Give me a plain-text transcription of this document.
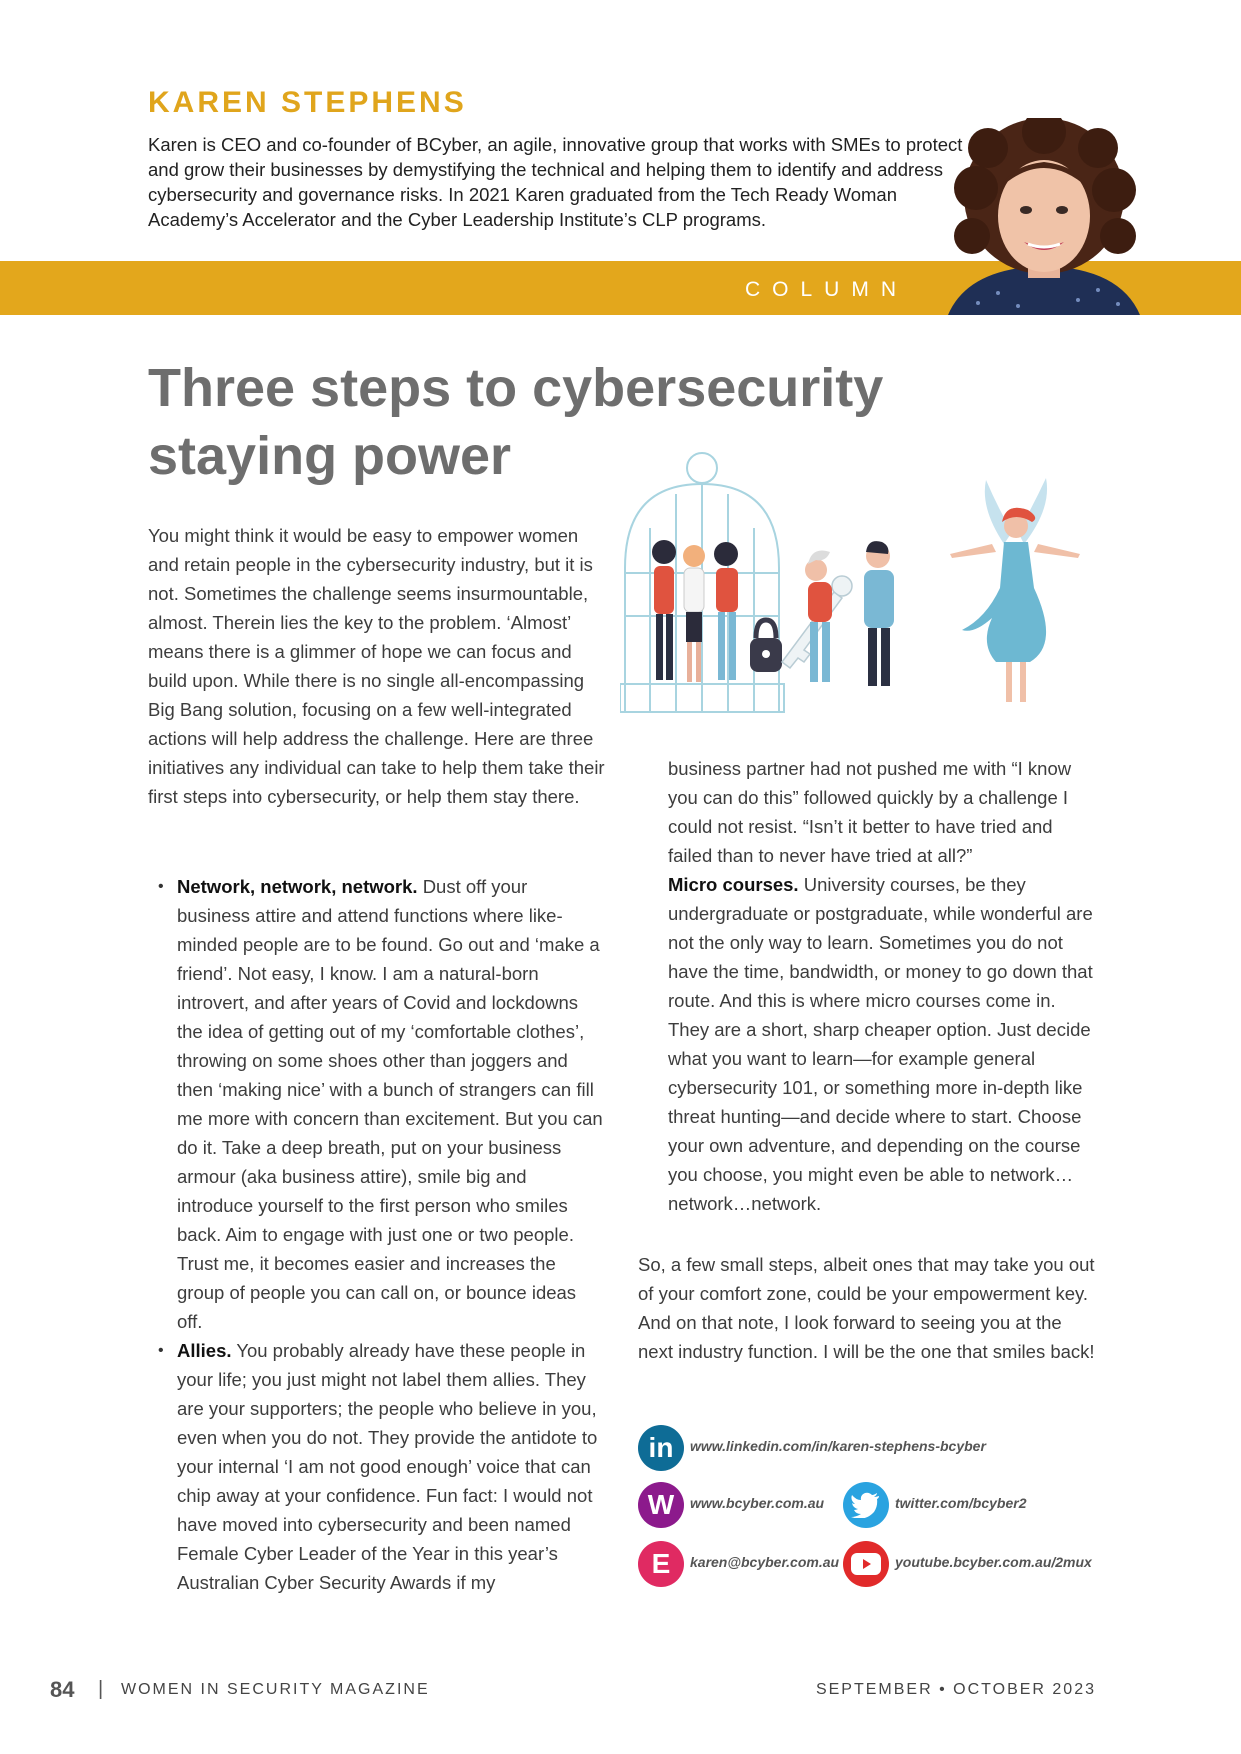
KAREN STEPHENS
Karen is CEO and co-founder of BCyber, an agile, innovative group that works with SMEs to protect and grow their businesses by demystifying the technical and helping them to identify and address cybersecurity and governance risks. In 2021 Karen graduated from the Tech Ready Woman Academy’s Accelerator and the Cyber Leadership Institute’s CLP programs.
COLUMN
Three steps to cybersecurity staying power
You might think it would be easy to empower women and retain people in the cybersecurity industry, but it is not. Sometimes the challenge seems insurmountable, almost. Therein lies the key to the problem. ‘Almost’ means there is a glimmer of hope we can focus and build upon. While there is no single all-encompassing Big Bang solution, focusing on a few well-integrated actions will help address the challenge. Here are three initiatives any individual can take to help them take their first steps into cybersecurity, or help them stay there.
• Network, network, network. Dust off your business attire and attend functions where like-minded people are to be found. Go out and ‘make a friend’. Not easy, I know. I am a natural-born introvert, and after years of Covid and lockdowns the idea of getting out of my ‘comfortable clothes’, throwing on some shoes other than joggers and then ‘making nice’ with a bunch of strangers can fill me more with concern than excitement. But you can do it. Take a deep breath, put on your business armour (aka business attire), smile big and introduce yourself to the first person who smiles back. Aim to engage with just one or two people. Trust me, it becomes easier and increases the group of people you can call on, or bounce ideas off.
• Allies. You probably already have these people in your life; you just might not label them allies. They are your supporters; the people who believe in you, even when you do not. They provide the antidote to your internal ‘I am not good enough’ voice that can chip away at your confidence. Fun fact: I would not have moved into cybersecurity and been named Female Cyber Leader of the Year in this year’s Australian Cyber Security Awards if my
business partner had not pushed me with “I know you can do this” followed quickly by a challenge I could not resist. “Isn’t it better to have tried and failed than to never have tried at all?”
Micro courses. University courses, be they undergraduate or postgraduate, while wonderful are not the only way to learn. Sometimes you do not have the time, bandwidth, or money to go down that route. And this is where micro courses come in. They are a short, sharp cheaper option. Just decide what you want to learn—for example general cybersecurity 101, or something more in-depth like threat hunting—and decide where to start. Choose your own adventure, and depending on the course you choose, you might even be able to network…network…network.
So, a few small steps, albeit ones that may take you out of your comfort zone, could be your empowerment key. And on that note, I look forward to seeing you at the next industry function. I will be the one that smiles back!
in	www.linkedin.com/in/karen-stephens-bcyber
W	www.bcyber.com.au	twitter.com/bcyber2
E	karen@bcyber.com.au	youtube.bcyber.com.au/2mux
84 | WOMEN IN SECURITY MAGAZINE	SEPTEMBER • OCTOBER 2023
